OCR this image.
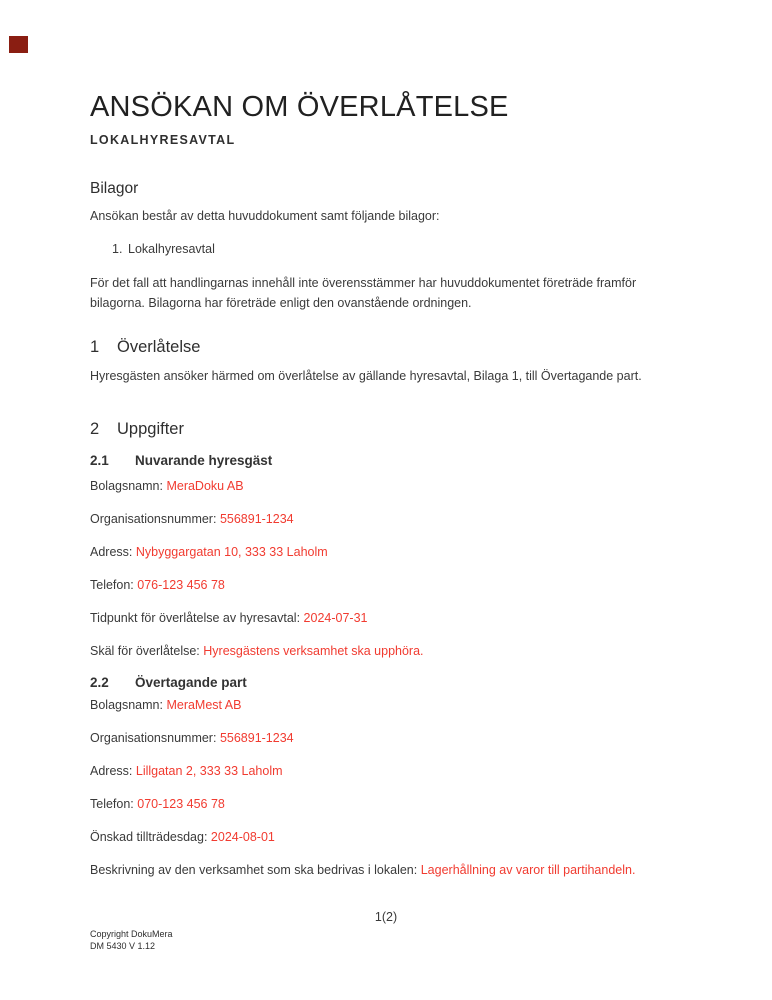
ANSÖKAN OM ÖVERLÅTELSE
LOKALHYRESAVTAL
Bilagor

Ansökan består av detta huvuddokument samt följande bilagor:

1. Lokalhyresavtal

För det fall att handlingarnas innehåll inte överensstämmer har huvuddokumentet företräde framför bilagorna. Bilagorna har företräde enligt den ovanstående ordningen.

1 Överlåtelse

Hyresgästen ansöker härmed om överlåtelse av gällande hyresavtal, Bilaga 1, till Övertagande part.

2 Uppgifter
2.1 Nuvarande hyresgäst

Bolagsnamn: MeraDoku AB

Organisationsnummer: 556891-1234

Adress: Nybyggargatan 10, 333 33 Laholm

Telefon: 076-123 456 78

Tidpunkt för överlåtelse av hyresavtal: 2024-07-31

Skäl för överlåtelse: Hyresgästens verksamhet ska upphöra.

2.2 Övertagande part

Bolagsnamn: MeraMest AB

Organisationsnummer: 556891-1234

Adress: Lillgatan 2, 333 33 Laholm

Telefon: 070-123 456 78

Önskad tillträdesdag: 2024-08-01

Beskrivning av den verksamhet som ska bedrivas i lokalen: Lagerhållning av varor till partihandeln.

1(2)
Copyright DokuMera
DM 5430 V 1.12
